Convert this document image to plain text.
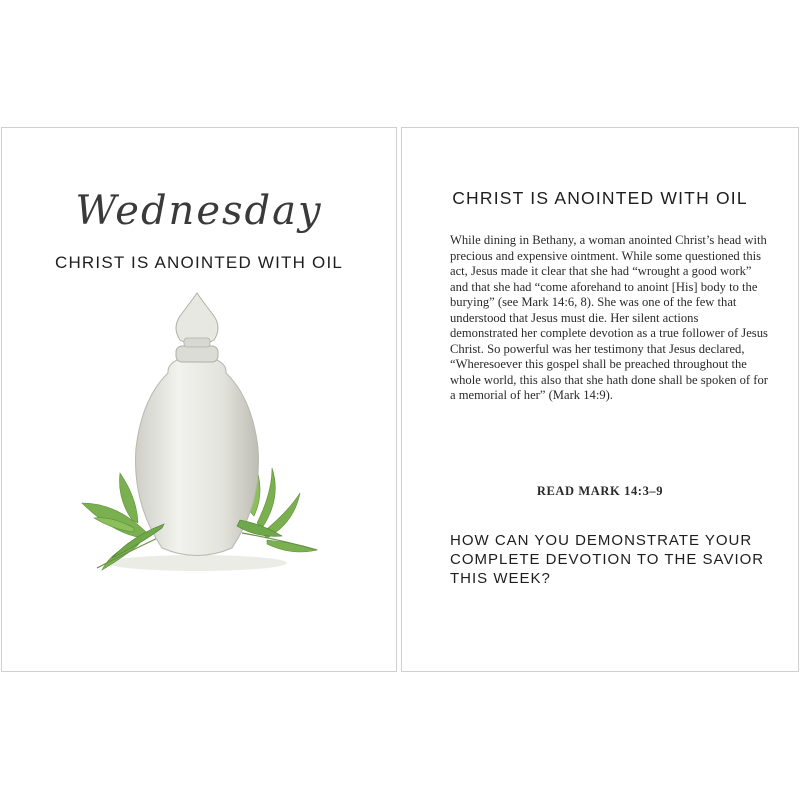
Wednesday
CHRIST IS ANOINTED WITH OIL
CHRIST IS ANOINTED WITH OIL

While dining in Bethany, a woman anointed Christ’s head with precious and expensive ointment. While some questioned this act, Jesus made it clear that she had “wrought a good work” and that she had “come aforehand to anoint [His] body to the burying” (see Mark 14:6, 8). She was one of the few that understood that Jesus must die. Her silent actions demonstrated her complete devotion as a true follower of Jesus Christ. So powerful was her testimony that Jesus declared, “Wheresoever this gospel shall be preached throughout the whole world, this also that she hath done shall be spoken of for a memorial of her” (Mark 14:9).

READ MARK 14:3–9
HOW CAN YOU DEMONSTRATE YOUR COMPLETE DEVOTION TO THE SAVIOR THIS WEEK?
